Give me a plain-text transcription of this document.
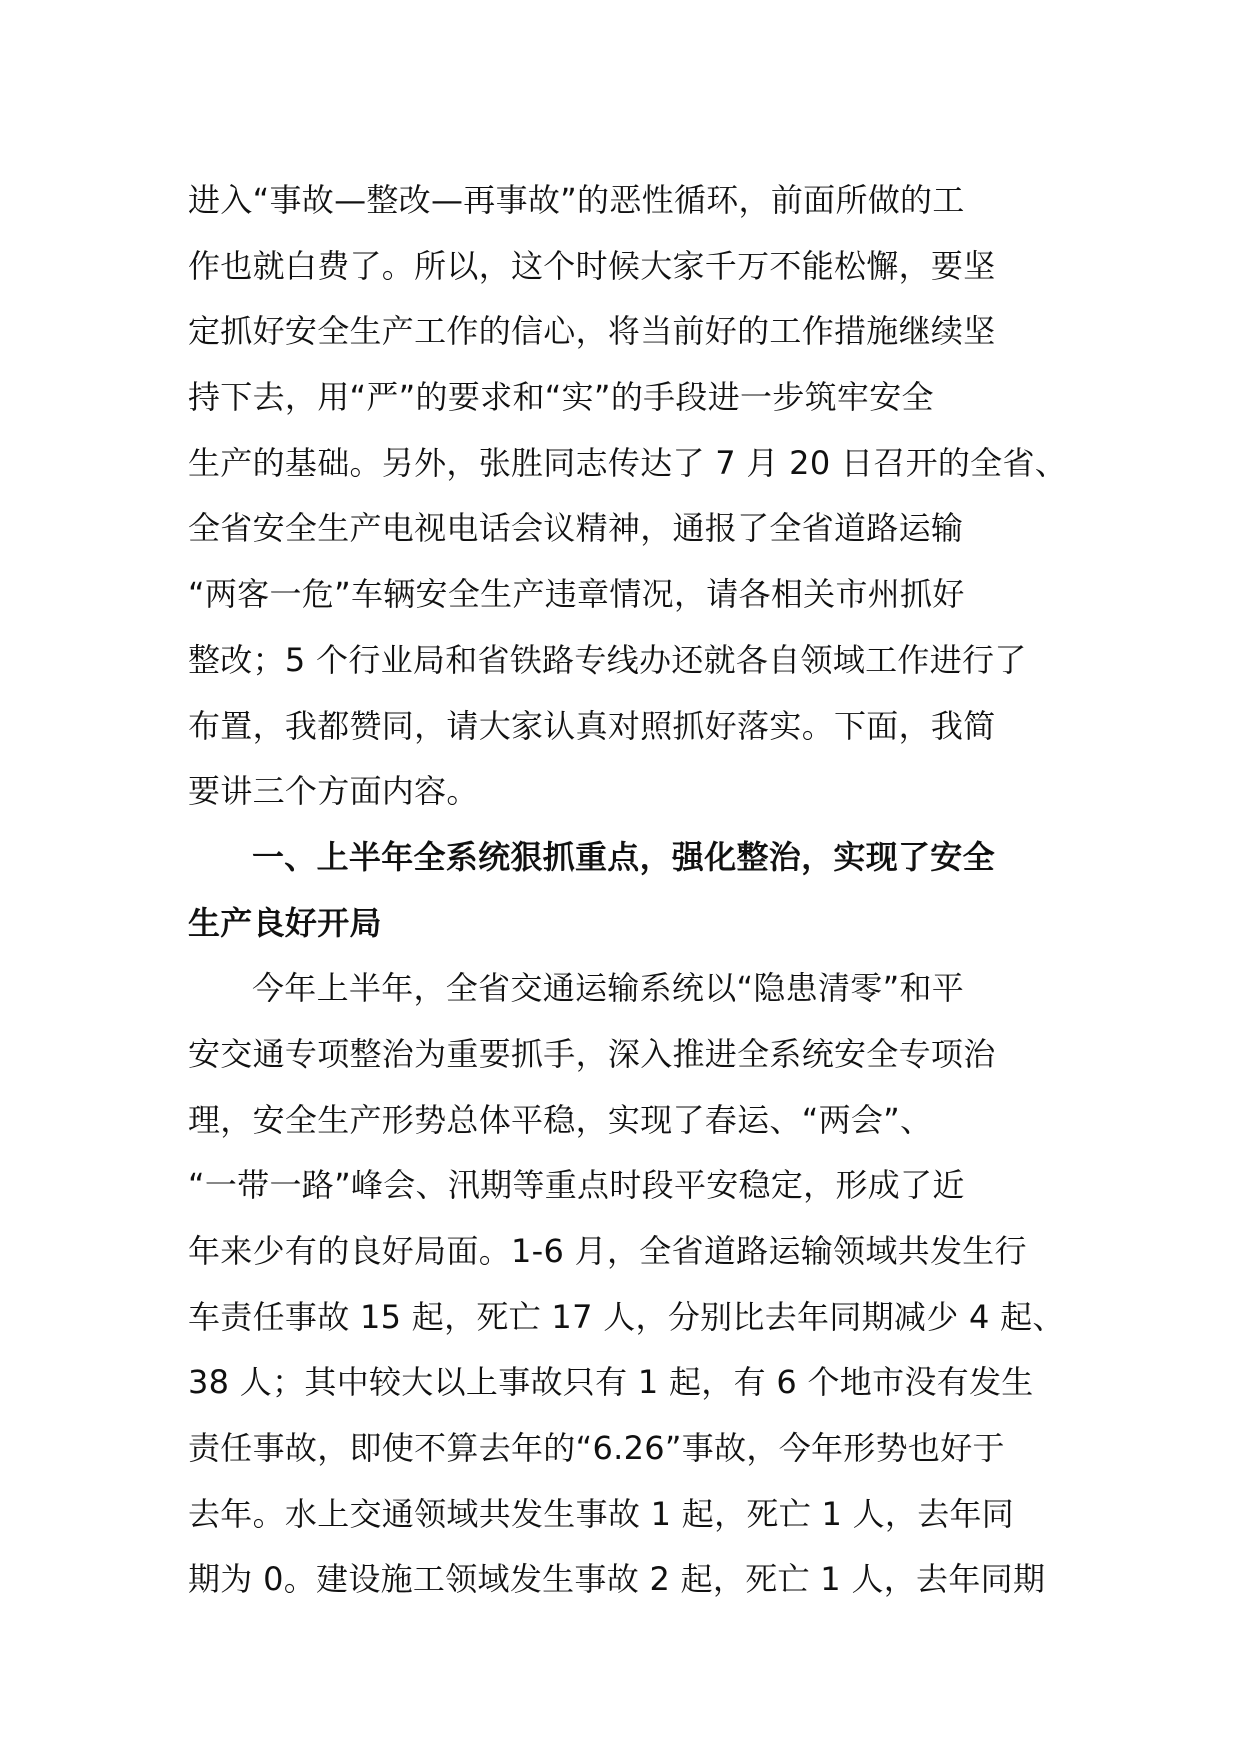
进入“事故—整改—再事故”的恶性循环，前面所做的工
作也就白费了。所以，这个时候大家千万不能松懈，要坚
定抓好安全生产工作的信心，将当前好的工作措施继续坚
持下去，用“严”的要求和“实”的手段进一步筑牢安全
生产的基础。另外，张胜同志传达了 7 月 20 日召开的全省、
全省安全生产电视电话会议精神，通报了全省道路运输
“两客一危”车辆安全生产违章情况，请各相关市州抓好
整改；5 个行业局和省铁路专线办还就各自领域工作进行了
布置，我都赞同，请大家认真对照抓好落实。下面，我简
要讲三个方面内容。
一、上半年全系统狠抓重点，强化整治，实现了安全
生产良好开局
今年上半年，全省交通运输系统以“隐患清零”和平
安交通专项整治为重要抓手，深入推进全系统安全专项治
理，安全生产形势总体平稳，实现了春运、“两会”、
“一带一路”峰会、汛期等重点时段平安稳定，形成了近
年来少有的良好局面。1-6 月，全省道路运输领域共发生行
车责任事故 15 起，死亡 17 人，分别比去年同期减少 4 起、
38 人；其中较大以上事故只有 1 起，有 6 个地市没有发生
责任事故，即使不算去年的“6.26”事故，今年形势也好于
去年。水上交通领域共发生事故 1 起，死亡 1 人，去年同
期为 0。建设施工领域发生事故 2 起，死亡 1 人，去年同期
